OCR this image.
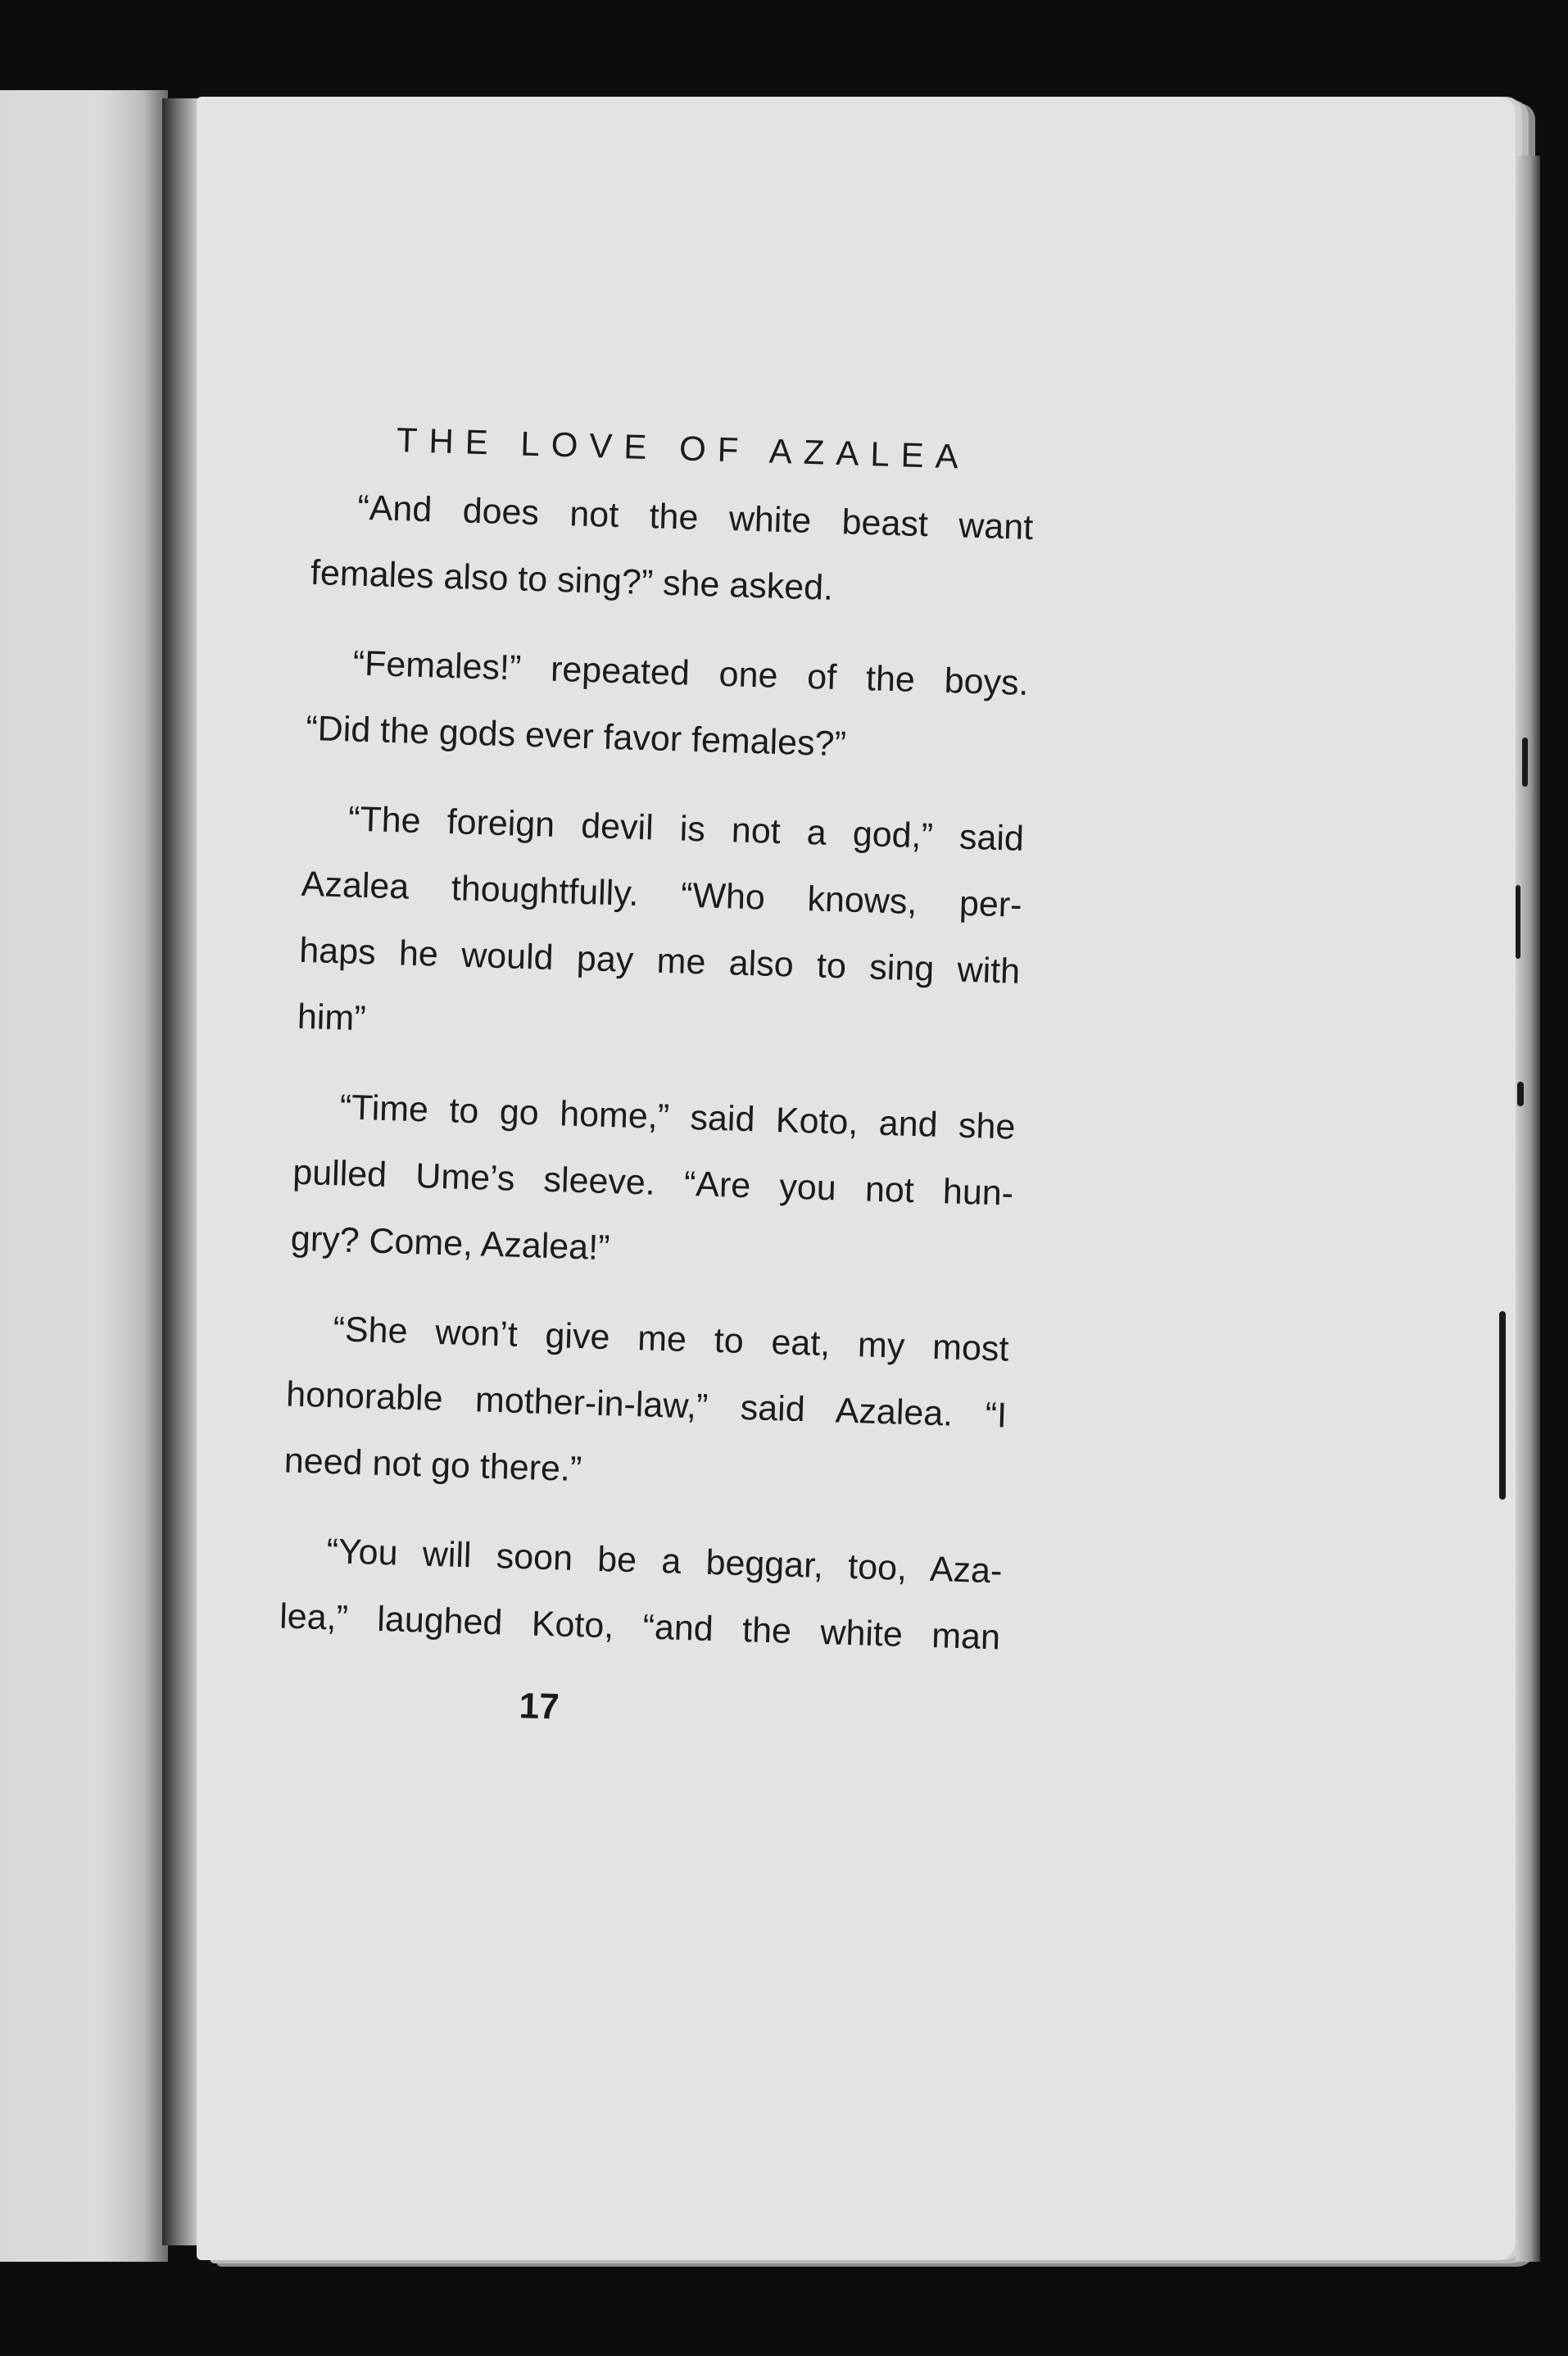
THE LOVE OF AZALEA
“And does not the white beast want
females also to sing?” she asked.
“Females!” repeated one of the boys.
“Did the gods ever favor females?”
“The foreign devil is not a god,” said
Azalea thoughtfully. “Who knows, per-
haps he would pay me also to sing with
him”
“Time to go home,” said Koto, and she
pulled Ume’s sleeve. “Are you not hun-
gry? Come, Azalea!”
“She won’t give me to eat, my most
honorable mother-in-law,” said Azalea. “I
need not go there.”
“You will soon be a beggar, too, Aza-
lea,” laughed Koto, “and the white man
17
